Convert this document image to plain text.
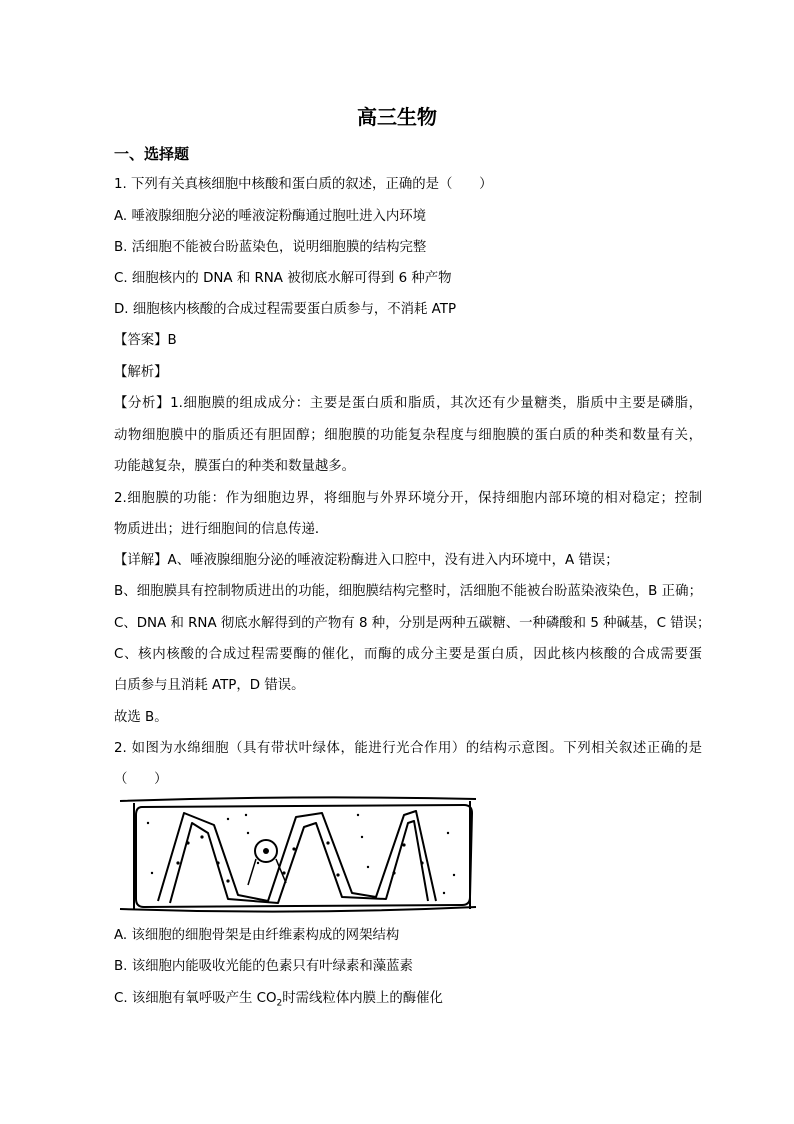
高三生物
一、选择题
1. 下列有关真核细胞中核酸和蛋白质的叙述，正确的是（　　）
A. 唾液腺细胞分泌的唾液淀粉酶通过胞吐进入内环境
B. 活细胞不能被台盼蓝染色，说明细胞膜的结构完整
C. 细胞核内的 DNA 和 RNA 被彻底水解可得到 6 种产物
D. 细胞核内核酸的合成过程需要蛋白质参与，不消耗 ATP
【答案】B
【解析】
【分析】1.细胞膜的组成成分：主要是蛋白质和脂质，其次还有少量糖类，脂质中主要是磷脂，
动物细胞膜中的脂质还有胆固醇；细胞膜的功能复杂程度与细胞膜的蛋白质的种类和数量有关，
功能越复杂，膜蛋白的种类和数量越多。
2.细胞膜的功能：作为细胞边界，将细胞与外界环境分开，保持细胞内部环境的相对稳定；控制
物质进出；进行细胞间的信息传递．
【详解】A、唾液腺细胞分泌的唾液淀粉酶进入口腔中，没有进入内环境中，A 错误；
B、细胞膜具有控制物质进出的功能，细胞膜结构完整时，活细胞不能被台盼蓝染液染色，B 正确；
C、DNA 和 RNA 彻底水解得到的产物有 8 种，分别是两种五碳糖、一种磷酸和 5 种碱基，C 错误；
C、核内核酸的合成过程需要酶的催化，而酶的成分主要是蛋白质，因此核内核酸的合成需要蛋
白质参与且消耗 ATP，D 错误。
故选 B。
2. 如图为水绵细胞（具有带状叶绿体，能进行光合作用）的结构示意图。下列相关叙述正确的是
（　　）
A. 该细胞的细胞骨架是由纤维素构成的网架结构
B. 该细胞内能吸收光能的色素只有叶绿素和藻蓝素
C. 该细胞有氧呼吸产生 $CO_2$时需线粒体内膜上的酶催化
